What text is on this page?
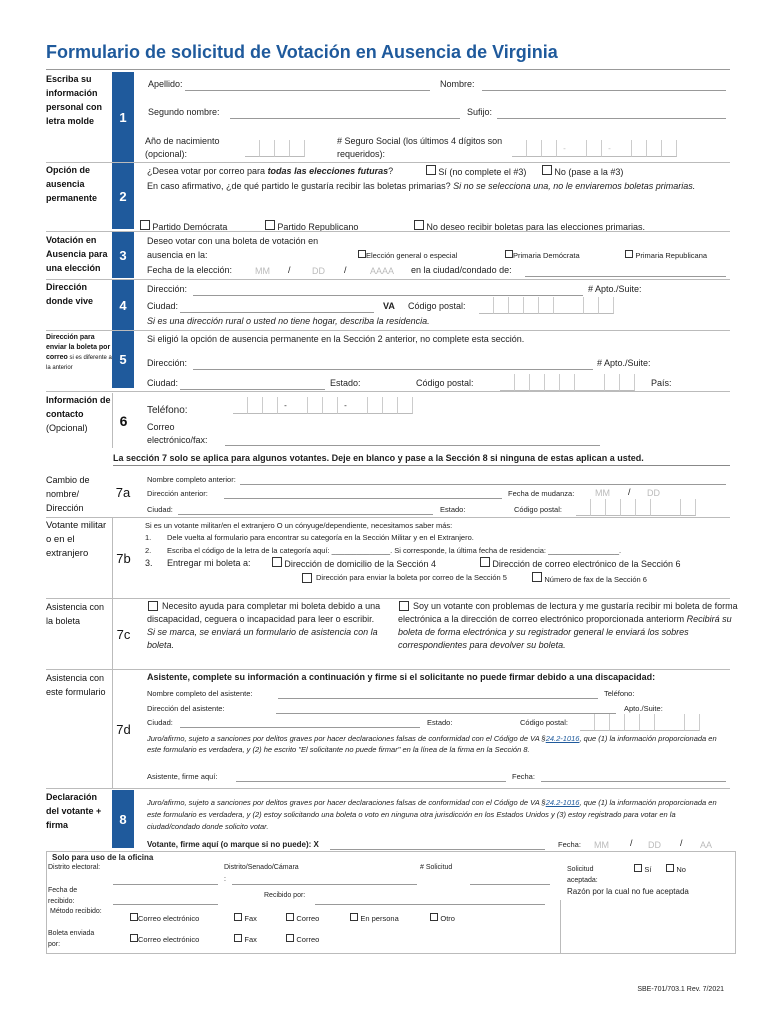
Formulario de solicitud de Votación en Ausencia de Virginia
Escriba su información personal con letra molde	1
Apellido:	Nombre:
Segundo nombre:	Sufijo:
Año de nacimiento (opcional):
# Seguro Social (los últimos 4 dígitos son requeridos):
-	-
Opción de ausencia permanente	2
¿Desea votar por correo para todas las elecciones futuras?	Sí (no complete el #3)	No (pase a la #3)
En caso afirmativo, ¿de qué partido le gustaría recibir las boletas primarias? Si no se selecciona una, no le enviaremos boletas primarias.
Partido Demócrata	Partido Republicano	No deseo recibir boletas para las elecciones primarias.
Votación en Ausencia para una elección
3
Deseo votar con una boleta de votación en
ausencia en la:	Elección general o especial	Primaria Demócrata	Primaria Republicana
Fecha de la elección:	MM / DD /	AAAA en la ciudad/condado de:
Dirección donde vive	4
Dirección:	# Apto./Suite:
Ciudad:	VA Código postal:
Si es una dirección rural o usted no tiene hogar, describa la residencia.
Dirección para enviar la boleta por correo si es diferente a la anterior
5
Si eligió la opción de ausencia permanente en la Sección 2 anterior, no complete esta sección.
Dirección:	# Apto./Suite:
Ciudad:	Estado:	Código postal:	País:
Información de contacto
(Opcional)	6
Teléfono:	-	-
Correo electrónico/fax:
La sección 7 solo se aplica para algunos votantes. Deje en blanco y pase a la Sección 8 si ninguna de estas aplican a usted.
Cambio de nombre/ Dirección
7a
Nombre completo anterior:
Dirección anterior:	Fecha de mudanza: MM / DD
Ciudad:	Estado:	Código postal:
Votante militar o en el extranjero	7b
Si es un votante militar/en el extranjero O un cónyuge/dependiente, necesitamos saber más:
1. Dele vuelta al formulario para encontrar su categoría en la Sección Militar y en el Extranjero.
2. Escriba el código de la letra de la categoría aquí: ______________. Si corresponde, la última fecha de residencia: _________________.
3. Entregar mi boleta a:	Dirección de domicilio de la Sección 4	Dirección de correo electrónico de la Sección 6
Dirección para enviar la boleta por correo de la Sección 5	Número de fax de la Sección 6
Asistencia con la boleta
7c
Necesito ayuda para completar mi boleta debido a una discapacidad, ceguera o incapacidad para leer o escribir.
Si se marca, se enviará un formulario de asistencia con la boleta.
Soy un votante con problemas de lectura y me gustaría recibir mi boleta de forma electrónica a la dirección de correo electrónico proporcionada anteriorm Recibirá su boleta de forma electrónica y su registrador general le enviará los sobres correspondientes para devolver su boleta.
Asistencia con este formulario
7d
Asistente, complete su información a continuación y firme si el solicitante no puede firmar debido a una discapacidad:
Nombre completo del asistente:	Teléfono:
Dirección del asistente:	Apto./Suite:
Ciudad:	Estado:	Código postal:
Juro/afirmo, sujeto a sanciones por delitos graves por hacer declaraciones falsas de conformidad con el Código de VA §24.2-1016, que (1) la información proporcionada en este formulario es verdadera, y (2) he escrito "El solicitante no puede firmar" en la línea de la firma en la Sección 8.
Asistente, firme aquí:	Fecha:
Declaración del votante + firma	8
Juro/afirmo, sujeto a sanciones por delitos graves por hacer declaraciones falsas de conformidad con el Código de VA §24.2-1016, que (1) la información proporcionada en este formulario es verdadera, y (2) estoy solicitando una boleta o voto en ninguna otra jurisdicción en los Estados Unidos y (3) estoy registrado para votar en la ciudad/condado donde solicito votar.
Votante, firme aquí (o marque si no puede): X	Fecha: MM / DD / AA
Solo para uso de la oficina
Distrito electoral:	Distrito/Senado/Cámara
:
# Solicitud	Solicitud aceptada:
Sí	No
Fecha de recibido:
Recibido por:	Razón por la cual no fue aceptada
Método recibido:
Correo electrónico	Fax	Correo	En persona	Otro
Boleta enviada por:
Correo electrónico	Fax	Correo
SBE-701/703.1 Rev. 7/2021
